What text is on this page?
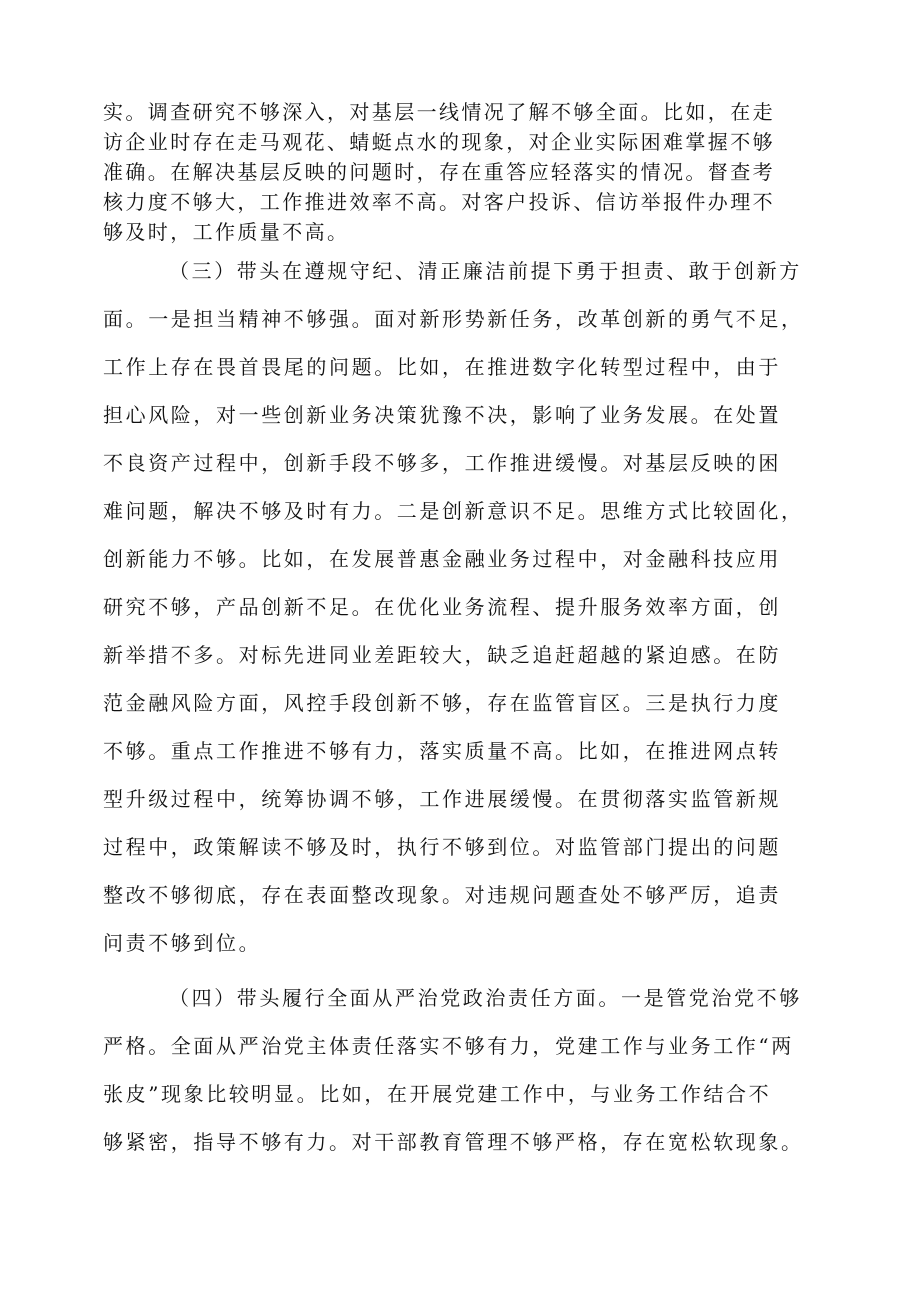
实。调查研究不够深入，对基层一线情况了解不够全面。比如，在走
访企业时存在走马观花、蜻蜓点水的现象，对企业实际困难掌握不够
准确。在解决基层反映的问题时，存在重答应轻落实的情况。督查考
核力度不够大，工作推进效率不高。对客户投诉、信访举报件办理不
够及时，工作质量不高。
（三）带头在遵规守纪、清正廉洁前提下勇于担责、敢于创新方
面。一是担当精神不够强。面对新形势新任务，改革创新的勇气不足，
工作上存在畏首畏尾的问题。比如，在推进数字化转型过程中，由于
担心风险，对一些创新业务决策犹豫不决，影响了业务发展。在处置
不良资产过程中，创新手段不够多，工作推进缓慢。对基层反映的困
难问题，解决不够及时有力。二是创新意识不足。思维方式比较固化，
创新能力不够。比如，在发展普惠金融业务过程中，对金融科技应用
研究不够，产品创新不足。在优化业务流程、提升服务效率方面，创
新举措不多。对标先进同业差距较大，缺乏追赶超越的紧迫感。在防
范金融风险方面，风控手段创新不够，存在监管盲区。三是执行力度
不够。重点工作推进不够有力，落实质量不高。比如，在推进网点转
型升级过程中，统筹协调不够，工作进展缓慢。在贯彻落实监管新规
过程中，政策解读不够及时，执行不够到位。对监管部门提出的问题
整改不够彻底，存在表面整改现象。对违规问题查处不够严厉，追责
问责不够到位。
（四）带头履行全面从严治党政治责任方面。一是管党治党不够
严格。全面从严治党主体责任落实不够有力，党建工作与业务工作“两
张皮”现象比较明显。比如，在开展党建工作中，与业务工作结合不
够紧密，指导不够有力。对干部教育管理不够严格，存在宽松软现象。
